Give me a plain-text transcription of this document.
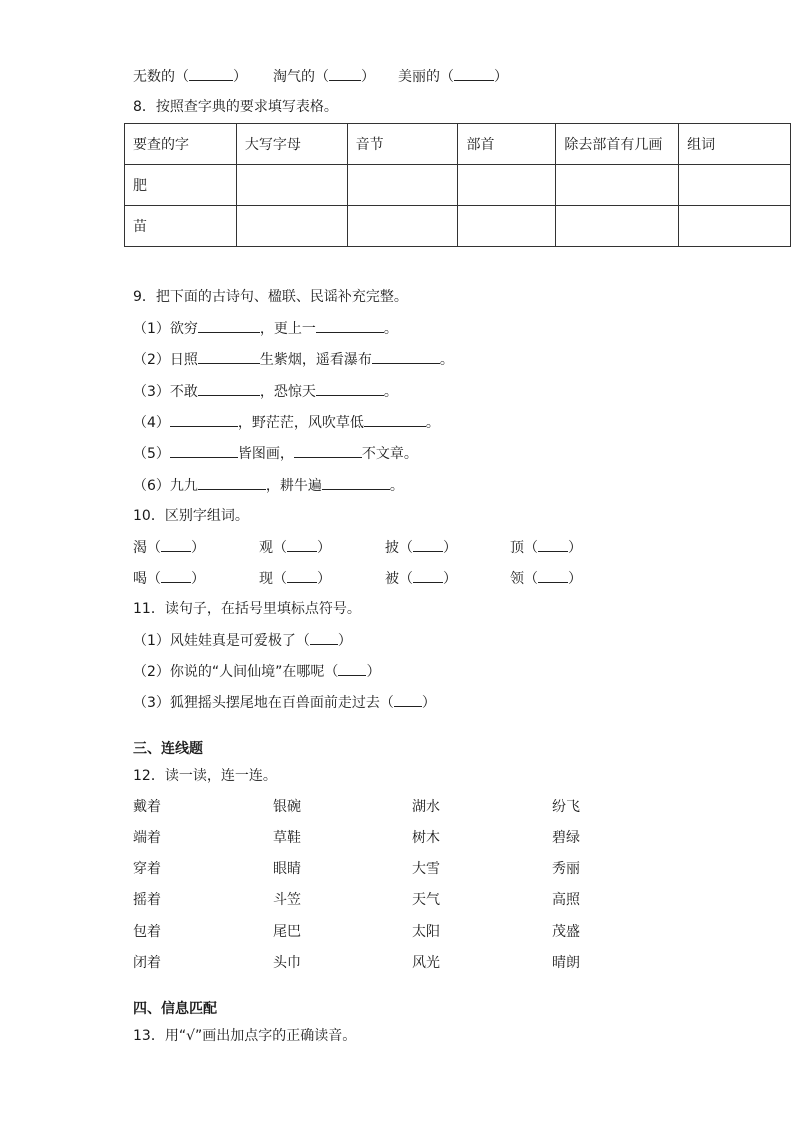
无数的（	） 淘气的（ ） 美丽的（	）
8．按照查字典的要求填写表格。
要查的字	大写字母	音节	部首	除去部首有几画	组词
肥					
苗					
9．把下面的古诗句、楹联、民谣补充完整。
（1）欲穷	，更上一	。
（2）日照	生紫烟，遥看瀑布	。
（3）不敢	，恐惊天	。
（4）	，野茫茫，风吹草低	。
（5）	皆图画，	不文章。
（6）九九	，耕牛遍	。
10．区别字组词。
渴（ ）	观（ ）	披（ ）	顶（ ）
喝（ ）	现（ ）	被（ ）	领（ ）
11．读句子，在括号里填标点符号。
（1）风娃娃真是可爱极了（ ）
（2）你说的“人间仙境”在哪呢（ ）
（3）狐狸摇头摆尾地在百兽面前走过去（ ）
三、连线题
12．读一读，连一连。
戴着	银碗	湖水	纷飞
端着	草鞋	树木	碧绿
穿着	眼睛	大雪	秀丽
摇着	斗笠	天气	高照
包着	尾巴	太阳	茂盛
闭着	头巾	风光	晴朗
四、信息匹配
13．用“√”画出加点字的正确读音。
